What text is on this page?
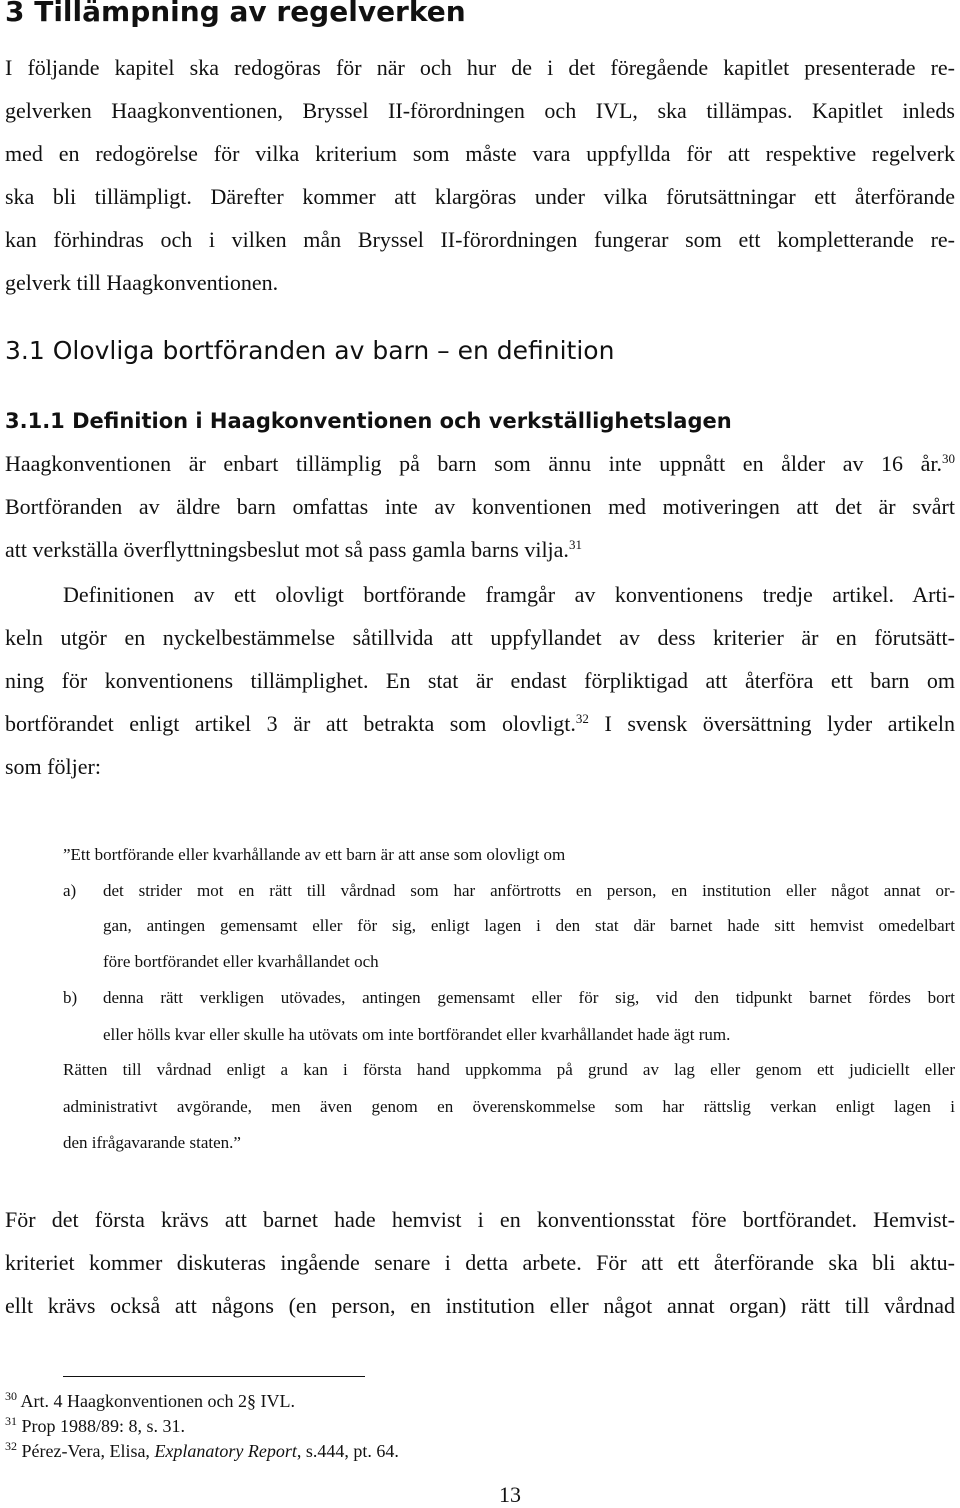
3 Tillämpning av regelverken
I följande kapitel ska redogöras för när och hur de i det föregående kapitlet presenterade re-
gelverken Haagkonventionen, Bryssel II-förordningen och IVL, ska tillämpas. Kapitlet inleds
med en redogörelse för vilka kriterium som måste vara uppfyllda för att respektive regelverk
ska bli tillämpligt. Därefter kommer att klargöras under vilka förutsättningar ett återförande
kan förhindras och i vilken mån Bryssel II-förordningen fungerar som ett kompletterande re-
gelverk till Haagkonventionen.
3.1 Olovliga bortföranden av barn – en definition
3.1.1 Definition i Haagkonventionen och verkställighetslagen
Haagkonventionen är enbart tillämplig på barn som ännu inte uppnått en ålder av 16 år.$^{30}$
Bortföranden av äldre barn omfattas inte av konventionen med motiveringen att det är svårt
att verkställa överflyttningsbeslut mot så pass gamla barns vilja.$^{31}$
Definitionen av ett olovligt bortförande framgår av konventionens tredje artikel. Arti-
keln utgör en nyckelbestämmelse såtillvida att uppfyllandet av dess kriterier är en förutsätt-
ning för konventionens tillämplighet. En stat är endast förpliktigad att återföra ett barn om
bortförandet enligt artikel 3 är att betrakta som olovligt.$^{32}$ I svensk översättning lyder artikeln
som följer:
”Ett bortförande eller kvarhållande av ett barn är att anse som olovligt om
a) det strider mot en rätt till vårdnad som har anförtrotts en person, en institution eller något annat or-
gan, antingen gemensamt eller för sig, enligt lagen i den stat där barnet hade sitt hemvist omedelbart
före bortförandet eller kvarhållandet och
b) denna rätt verkligen utövades, antingen gemensamt eller för sig, vid den tidpunkt barnet fördes bort
eller hölls kvar eller skulle ha utövats om inte bortförandet eller kvarhållandet hade ägt rum.
Rätten till vårdnad enligt a kan i första hand uppkomma på grund av lag eller genom ett judiciellt eller
administrativt avgörande, men även genom en överenskommelse som har rättslig verkan enligt lagen i
den ifrågavarande staten.”
För det första krävs att barnet hade hemvist i en konventionsstat före bortförandet. Hemvist-
kriteriet kommer diskuteras ingående senare i detta arbete. För att ett återförande ska bli aktu-
ellt krävs också att någons (en person, en institution eller något annat organ) rätt till vårdnad
$^{30}$ Art. 4 Haagkonventionen och 2§ IVL.
$^{31}$ Prop 1988/89: 8, s. 31.
$^{32}$ Pérez-Vera, Elisa, Explanatory Report, s.444, pt. 64.
13
